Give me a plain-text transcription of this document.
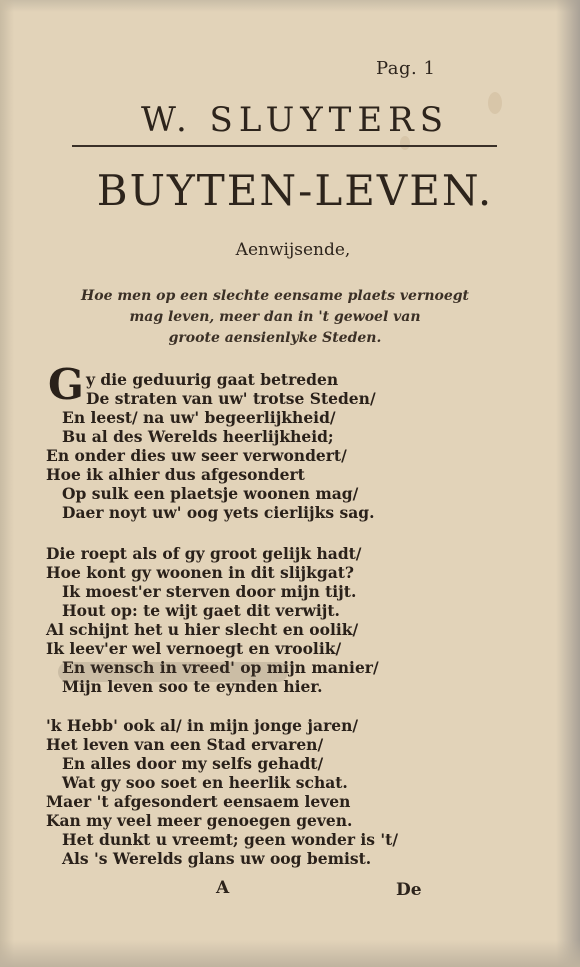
Pag. 1
W. SLUYTERS
BUYTEN-LEVEN.
Aenwijsende,
Hoe men op een slechte eensame plaets vernoegt
mag leven, meer dan in 't gewoel van
groote aensienlyke Steden.
G y die geduurig gaat betreden
De straten van uw' trotse Steden/
En leest/ na uw' begeerlijkheid/
Bu al des Werelds heerlijkheid;
En onder dies uw seer verwondert/
Hoe ik alhier dus afgesondert
Op sulk een plaetsje woonen mag/
Daer noyt uw' oog yets cierlijks sag.
Die roept als of gy groot gelijk hadt/
Hoe kont gy woonen in dit slijkgat?
Ik moest'er sterven door mijn tijt.
Hout op: te wijt gaet dit verwijt.
Al schijnt het u hier slecht en oolik/
Ik leev'er wel vernoegt en vroolik/
En wensch in vreed' op mijn manier/
Mijn leven soo te eynden hier.
'k Hebb' ook al/ in mijn jonge jaren/
Het leven van een Stad ervaren/
En alles door my selfs gehadt/
Wat gy soo soet en heerlik schat.
Maer 't afgesondert eensaem leven
Kan my veel meer genoegen geven.
Het dunkt u vreemt; geen wonder is 't/
Als 's Werelds glans uw oog bemist.
A	De
